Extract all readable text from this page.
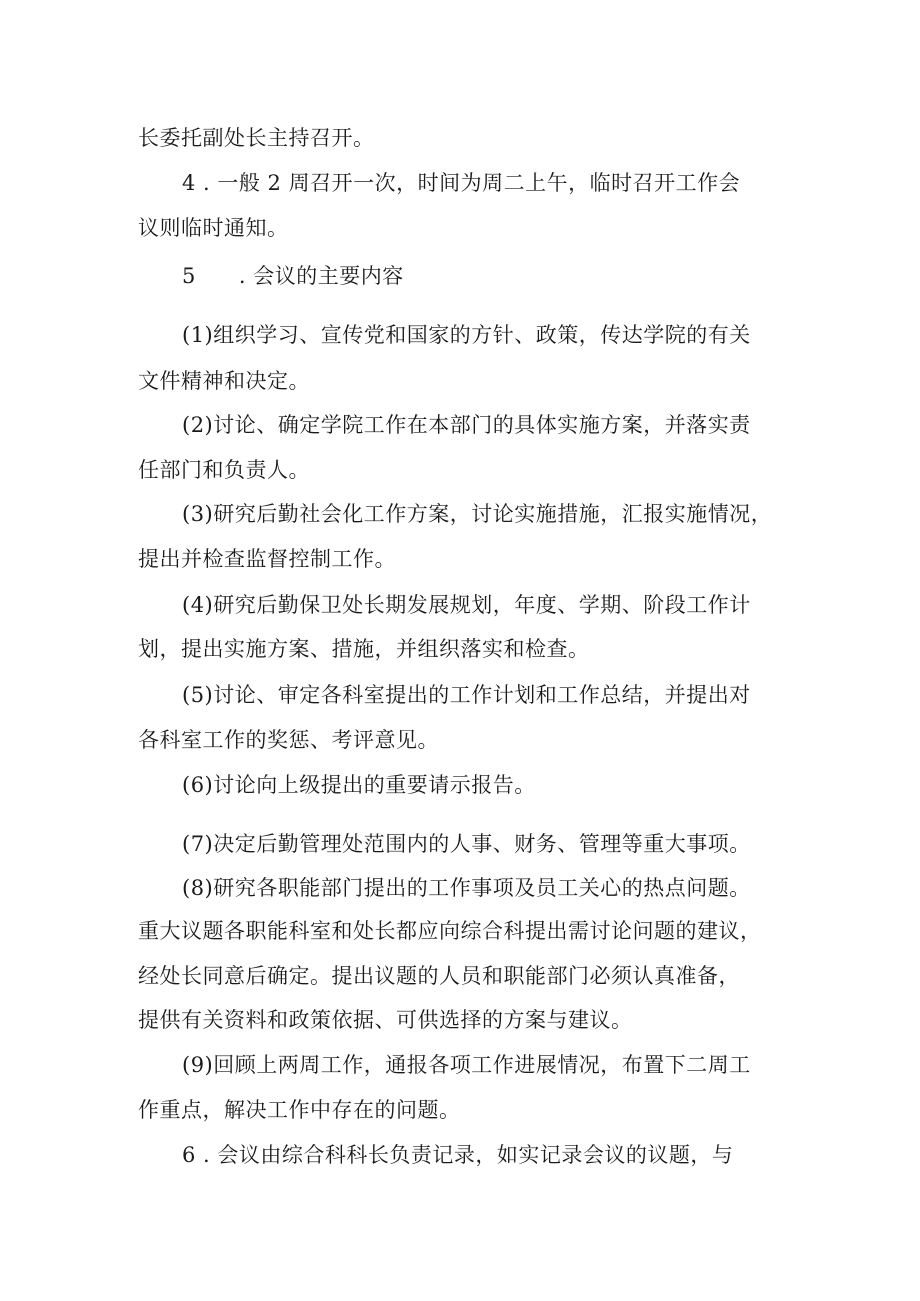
长委托副处长主持召开。
4 . 一般 2 周召开一次，时间为周二上午，临时召开工作会
议则临时通知。
5　　. 会议的主要内容
(1)组织学习、宣传党和国家的方针、政策，传达学院的有关
文件精神和决定。
(2)讨论、确定学院工作在本部门的具体实施方案，并落实责
任部门和负责人。
(3)研究后勤社会化工作方案，讨论实施措施，汇报实施情况，
提出并检查监督控制工作。
(4)研究后勤保卫处长期发展规划，年度、学期、阶段工作计
划，提出实施方案、措施，并组织落实和检查。
(5)讨论、审定各科室提出的工作计划和工作总结，并提出对
各科室工作的奖惩、考评意见。
(6)讨论向上级提出的重要请示报告。
(7)决定后勤管理处范围内的人事、财务、管理等重大事项。
(8)研究各职能部门提出的工作事项及员工关心的热点问题。
重大议题各职能科室和处长都应向综合科提出需讨论问题的建议，
经处长同意后确定。提出议题的人员和职能部门必须认真准备，
提供有关资料和政策依据、可供选择的方案与建议。
(9)回顾上两周工作，通报各项工作进展情况，布置下二周工
作重点，解决工作中存在的问题。
6 . 会议由综合科科长负责记录，如实记录会议的议题，与
